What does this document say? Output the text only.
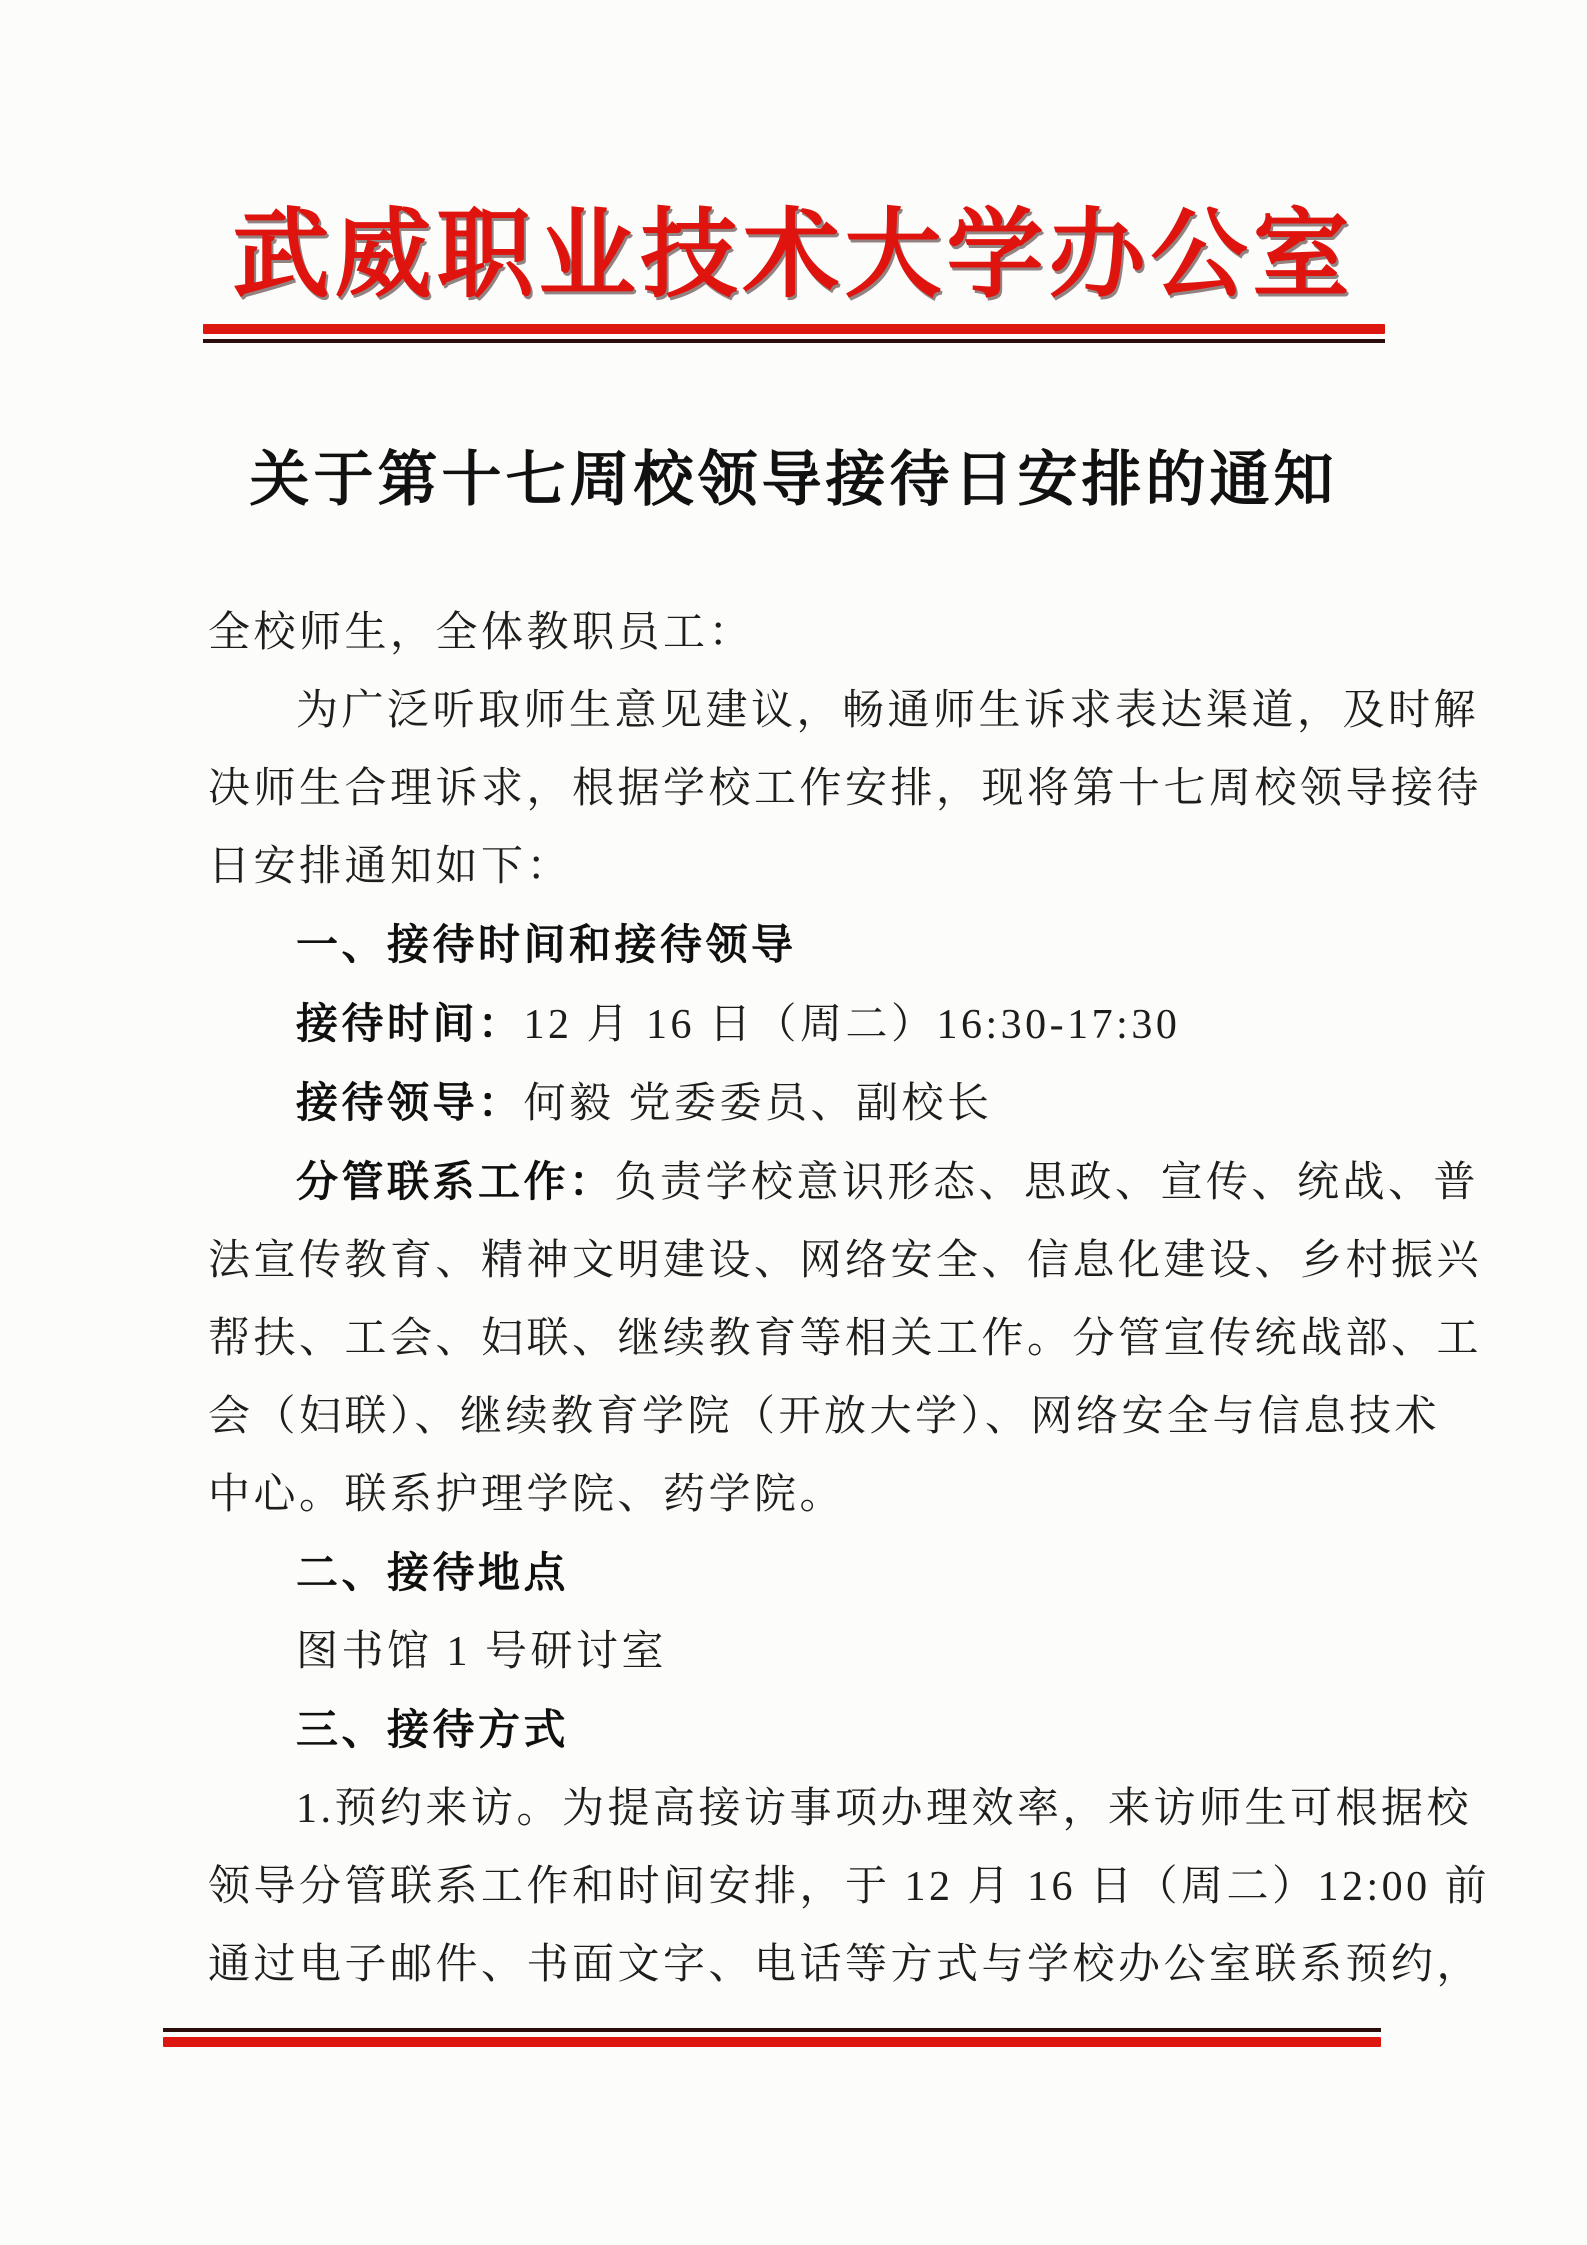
武威职业技术大学办公室
关于第十七周校领导接待日安排的通知
全校师生，全体教职员工：
为广泛听取师生意见建议，畅通师生诉求表达渠道，及时解
决师生合理诉求，根据学校工作安排，现将第十七周校领导接待
日安排通知如下：
一、接待时间和接待领导
接待时间：12 月 16 日（周二）16:30-17:30
接待领导：何毅 党委委员、副校长
分管联系工作：负责学校意识形态、思政、宣传、统战、普
法宣传教育、精神文明建设、网络安全、信息化建设、乡村振兴
帮扶、工会、妇联、继续教育等相关工作。分管宣传统战部、工
会（妇联）、继续教育学院（开放大学）、网络安全与信息技术
中心。联系护理学院、药学院。
二、接待地点
图书馆 1 号研讨室
三、接待方式
1.预约来访。为提高接访事项办理效率，来访师生可根据校
领导分管联系工作和时间安排，于 12 月 16 日（周二）12:00 前
通过电子邮件、书面文字、电话等方式与学校办公室联系预约，
